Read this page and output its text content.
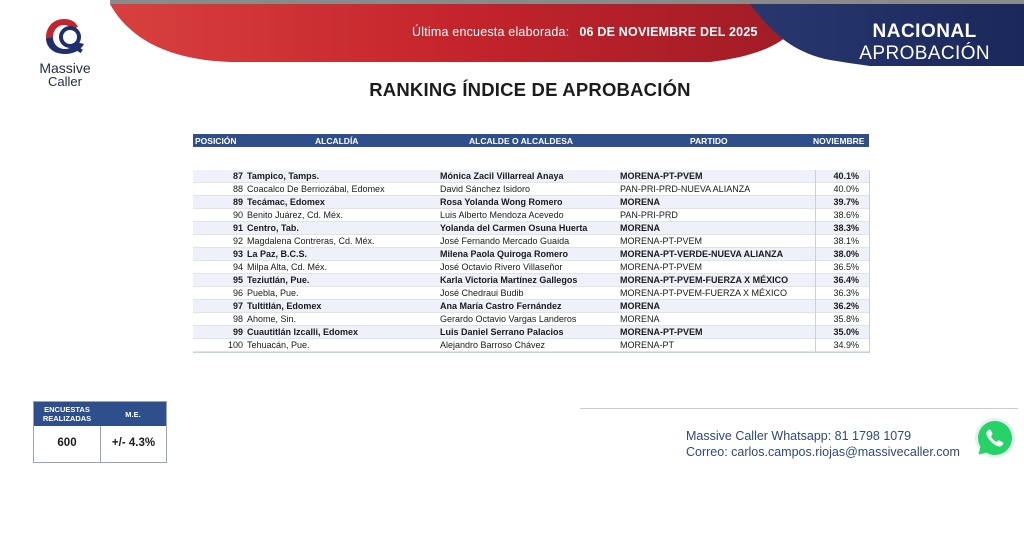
Última encuesta elaborada: 06 DE NOVIEMBRE DEL 2025	NACIONAL
APROBACIÓN
Massive
Caller	RANKING ÍNDICE DE APROBACIÓN
POSICIÓN	ALCALDÍA	ALCALDE O ALCALDESA	PARTIDO	NOVIEMBRE
87 Tampico, Tamps.	Mónica Zacil Villarreal Anaya	MORENA-PT-PVEM	40.1%
88 Coacalco De Berriozábal, Edomex	David Sánchez Isidoro	PAN-PRI-PRD-NUEVA ALIANZA	40.0%
89 Tecámac, Edomex	Rosa Yolanda Wong Romero	MORENA	39.7%
90 Benito Juárez, Cd. Méx.	Luis Alberto Mendoza Acevedo	PAN-PRI-PRD	38.6%
91 Centro, Tab.	Yolanda del Carmen Osuna Huerta	MORENA	38.3%
92 Magdalena Contreras, Cd. Méx.	José Fernando Mercado Guaida	MORENA-PT-PVEM	38.1%
93 La Paz, B.C.S.	Milena Paola Quiroga Romero	MORENA-PT-VERDE-NUEVA ALIANZA	38.0%
94 Milpa Alta, Cd. Méx.	José Octavio Rivero Villaseñor	MORENA-PT-PVEM	36.5%
95 Teziutlán, Pue.	Karla Victoria Martínez Gallegos	MORENA-PT-PVEM-FUERZA X MÉXICO	36.4%
96 Puebla, Pue.	José Chedraui Budib	MORENA-PT-PVEM-FUERZA X MÉXICO	36.3%
97 Tultitlán, Edomex	Ana María Castro Fernández	MORENA	36.2%
98 Ahome, Sin.	Gerardo Octavio Vargas Landeros	MORENA	35.8%
99 Cuautitlán Izcalli, Edomex	Luis Daniel Serrano Palacios	MORENA-PT-PVEM	35.0%
100 Tehuacán, Pue.	Alejandro Barroso Chávez	MORENA-PT	34.9%
ENCUESTAS
REALIZADAS	M.E.
600	+/- 4.3%	Massive Caller Whatsapp: 81 1798 1079
Correo: carlos.campos.riojas@massivecaller.com
